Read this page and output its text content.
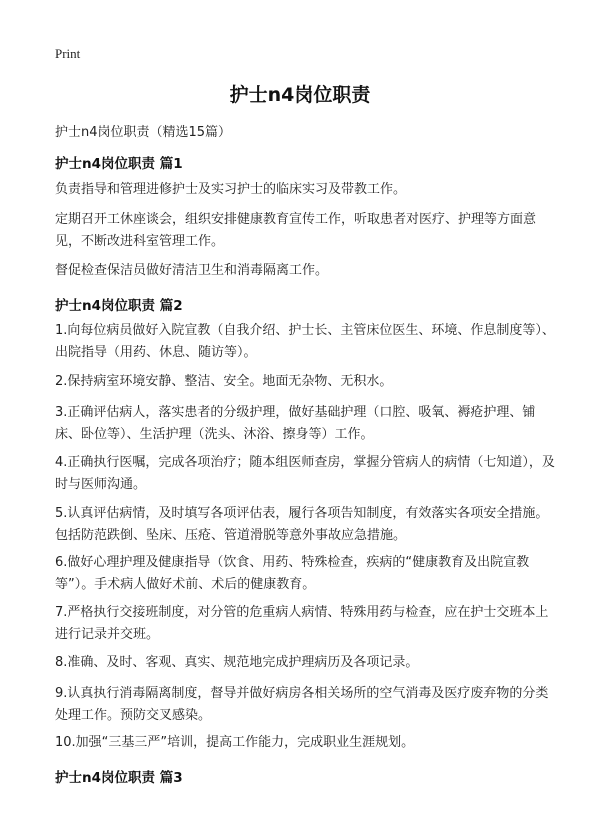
Print
护士n4岗位职责
护士n4岗位职责（精选15篇）
护士n4岗位职责 篇1
负责指导和管理进修护士及实习护士的临床实习及带教工作。
定期召开工休座谈会，组织安排健康教育宣传工作，听取患者对医疗、护理等方面意见，不断改进科室管理工作。
督促检查保洁员做好清洁卫生和消毒隔离工作。
护士n4岗位职责 篇2
1.向每位病员做好入院宣教（自我介绍、护士长、主管床位医生、环境、作息制度等）、出院指导（用药、休息、随访等）。
2.保持病室环境安静、整洁、安全。地面无杂物、无积水。
3.正确评估病人，落实患者的分级护理，做好基础护理（口腔、吸氧、褥疮护理、铺床、卧位等）、生活护理（洗头、沐浴、擦身等）工作。
4.正确执行医嘱，完成各项治疗；随本组医师查房，掌握分管病人的病情（七知道），及时与医师沟通。
5.认真评估病情，及时填写各项评估表，履行各项告知制度，有效落实各项安全措施。包括防范跌倒、坠床、压疮、管道滑脱等意外事故应急措施。
6.做好心理护理及健康指导（饮食、用药、特殊检查，疾病的“健康教育及出院宣教等”）。手术病人做好术前、术后的健康教育。
7.严格执行交接班制度，对分管的危重病人病情、特殊用药与检查，应在护士交班本上进行记录并交班。
8.准确、及时、客观、真实、规范地完成护理病历及各项记录。
9.认真执行消毒隔离制度，督导并做好病房各相关场所的空气消毒及医疗废弃物的分类处理工作。预防交叉感染。
10.加强“三基三严”培训，提高工作能力，完成职业生涯规划。
护士n4岗位职责 篇3
